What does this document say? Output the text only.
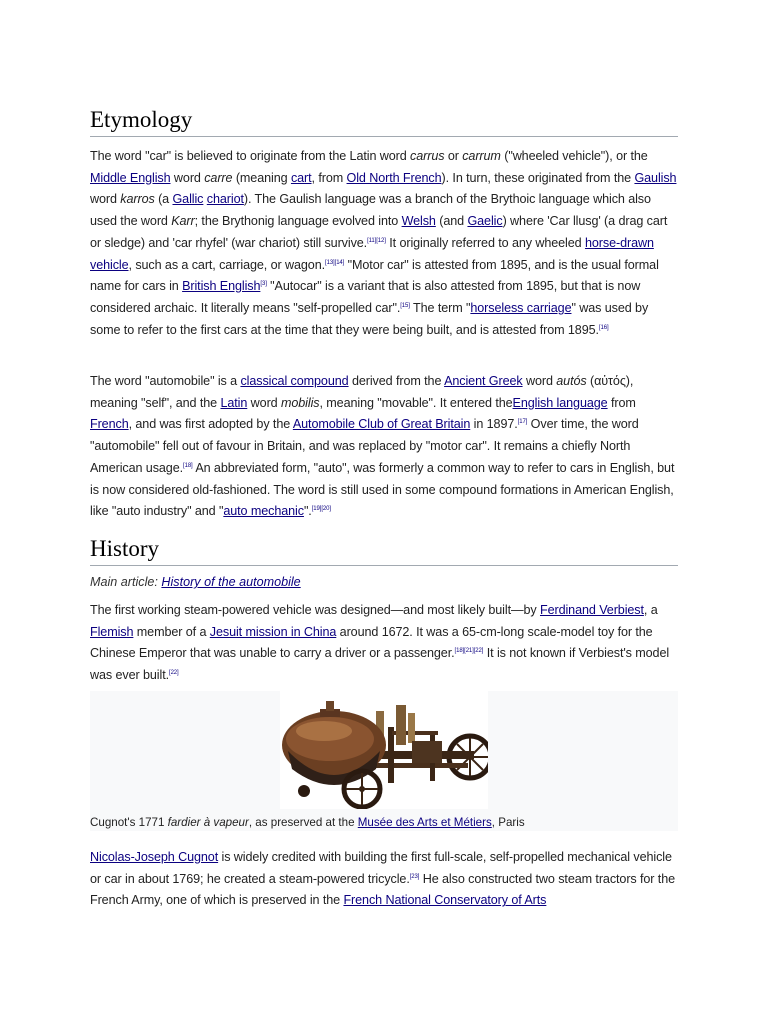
Etymology

The word "car" is believed to originate from the Latin word carrus or carrum ("wheeled vehicle"), or the Middle English word carre (meaning cart, from Old North French). In turn, these originated from the Gaulish word karros (a Gallic chariot). The Gaulish language was a branch of the Brythoic language which also used the word Karr; the Brythonig language evolved into Welsh (and Gaelic) where 'Car llusg' (a drag cart or sledge) and 'car rhyfel' (war chariot) still survive.[11][12] It originally referred to any wheeled horse-drawn vehicle, such as a cart, carriage, or wagon.[13][14] "Motor car" is attested from 1895, and is the usual formal name for cars in British English[3] "Autocar" is a variant that is also attested from 1895, but that is now considered archaic. It literally means "self-propelled car".[15] The term "horseless carriage" was used by some to refer to the first cars at the time that they were being built, and is attested from 1895.[16]

The word "automobile" is a classical compound derived from the Ancient Greek word autós (αὐτός), meaning "self", and the Latin word mobilis, meaning "movable". It entered theEnglish language from French, and was first adopted by the Automobile Club of Great Britain in 1897.[17] Over time, the word "automobile" fell out of favour in Britain, and was replaced by "motor car". It remains a chiefly North American usage.[18] An abbreviated form, "auto", was formerly a common way to refer to cars in English, but is now considered old-fashioned. The word is still used in some compound formations in American English, like "auto industry" and "auto mechanic".[19][20]

History
Main article: History of the automobile

The first working steam-powered vehicle was designed—and most likely built—by Ferdinand Verbiest, a Flemish member of a Jesuit mission in China around 1672. It was a 65-cm-long scale-model toy for the Chinese Emperor that was unable to carry a driver or a passenger.[18][21][22] It is not known if Verbiest's model was ever built.[22]

Cugnot's 1771 fardier à vapeur, as preserved at the Musée des Arts et Métiers, Paris

Nicolas-Joseph Cugnot is widely credited with building the first full-scale, self-propelled mechanical vehicle or car in about 1769; he created a steam-powered tricycle.[23] He also constructed two steam tractors for the French Army, one of which is preserved in the French National Conservatory of Arts
